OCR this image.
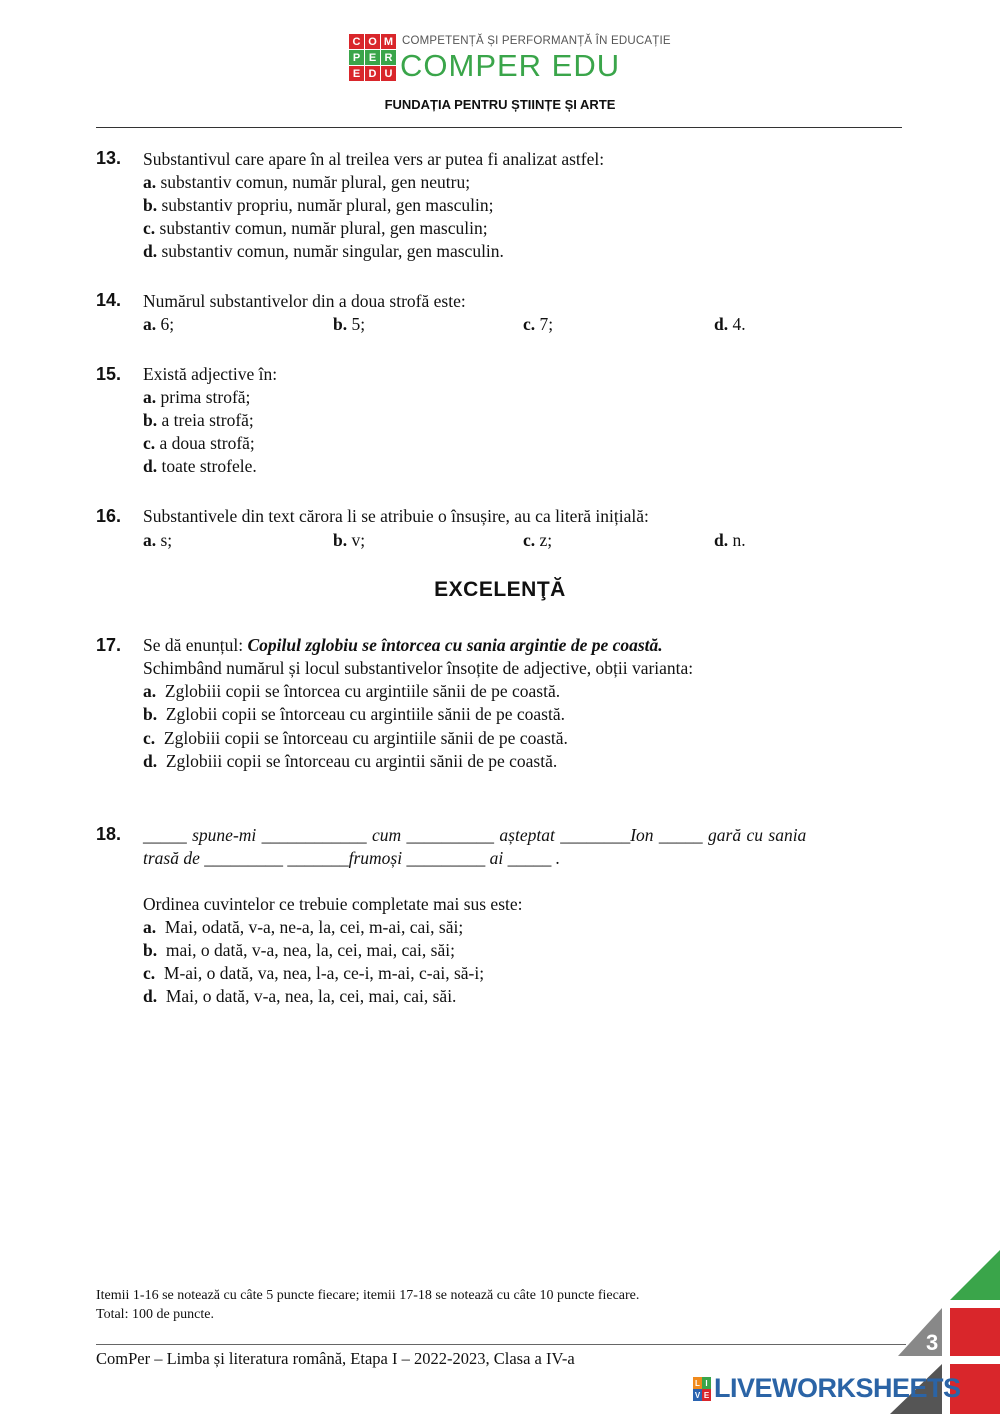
C O M
P E R
E D U
COMPETENȚĂ ȘI PERFORMANȚĂ ÎN EDUCAȚIE
COMPER EDU
FUNDAȚIA PENTRU ȘTIINȚE ȘI ARTE
13. Substantivul care apare în al treilea vers ar putea fi analizat astfel:
a. substantiv comun, număr plural, gen neutru;
b. substantiv propriu, număr plural, gen masculin;
c. substantiv comun, număr plural, gen masculin;
d. substantiv comun, număr singular, gen masculin.
14. Numărul substantivelor din a doua strofă este:
a. 6;	b. 5;	c. 7;	d. 4.
15. Există adjective în:
a. prima strofă;
b. a treia strofă;
c. a doua strofă;
d. toate strofele.
16. Substantivele din text cărora li se atribuie o însușire, au ca literă inițială:
a. s;	b. v;	c. z;	d. n.
EXCELENŢĂ
17. Se dă enunțul: Copilul zglobiu se întorcea cu sania argintie de pe coastă.
Schimbând numărul și locul substantivelor însoțite de adjective, obții varianta:
a.  Zglobiii copii se întorcea cu argintiile sănii de pe coastă.
b.  Zglobii copii se întorceau cu argintiile sănii de pe coastă.
c.  Zglobiii copii se întorceau cu argintiile sănii de pe coastă.
d.  Zglobiii copii se întorceau cu argintii sănii de pe coastă.
18. _____ spune-mi ____________ cum __________ așteptat ________Ion _____ gară cu sania
trasă de _________ _______frumoși _________ ai _____ .
Ordinea cuvintelor ce trebuie completate mai sus este:
a.  Mai, odată, v-a, ne-a, la, cei, m-ai, cai, săi;
b.  mai, o dată, v-a, nea, la, cei, mai, cai, săi;
c.  M-ai, o dată, va, nea, l-a, ce-i, m-ai, c-ai, să-i;
d.  Mai, o dată, v-a, nea, la, cei, mai, cai, săi.
Itemii 1-16 se notează cu câte 5 puncte fiecare; itemii 17-18 se notează cu câte 10 puncte fiecare.
Total: 100 de puncte.
ComPer – Limba și literatura română, Etapa I – 2022-2023, Clasa a IV-a
3
L I
V E LIVEWORKSHEETS
